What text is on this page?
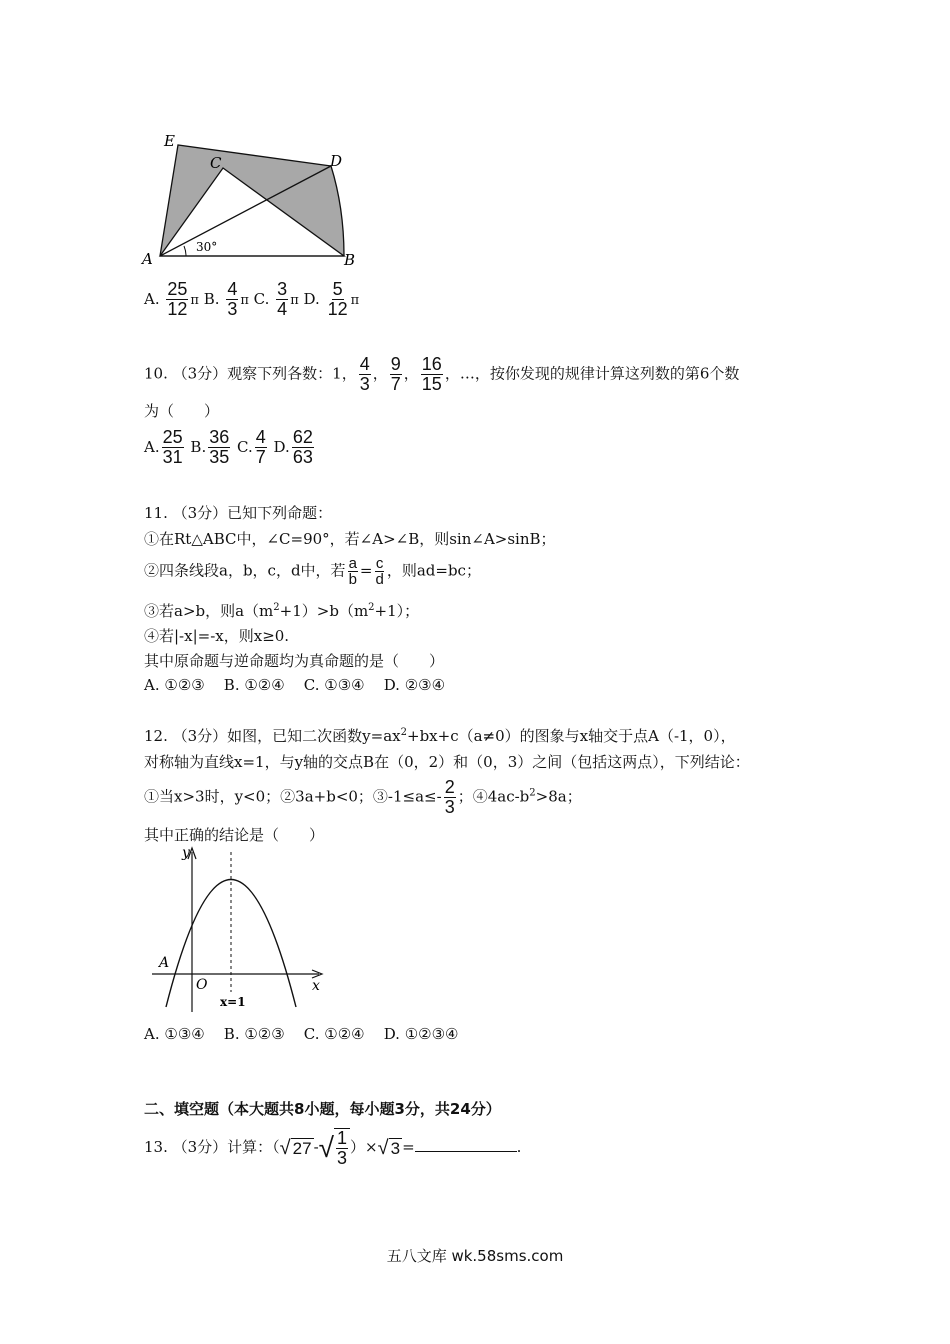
E
C	D
A	B
30°
A. $\frac{25}{12}$ π B. $\frac{4}{3}$ π C. $\frac{3}{4}$ π D. $\frac{5}{12}$ π
10. （3分）观察下列各数：1， $\frac{4}{3}$ ， $\frac{9}{7}$ ， $\frac{16}{15}$ ，…，按你发现的规律计算这列数的第6个数
为（　　）
A. $\frac{25}{31} B$. $\frac{36}{35} C$. $\frac{4}{7} D$. $\frac{62}{63}$
11. （3分）已知下列命题：
①在Rt△ABC中，∠C=90°，若∠A>∠B，则sin∠A>sinB；
②四条线段a，b，c，d中，若 $\frac{a}{b} = \frac{c}{d}$ ，则ad=bc；
③若a>b，则$a(m^2+1)>b(m^2+1)$；
④若|-x|=-x，则x≥0.
其中原命题与逆命题均为真命题的是（　　）
A. ①②③ B. ①②④ C. ①③④ D. ②③④
12. （3分）如图，已知二次函数$y=ax^2+bx+c(a\ne 0)$的图象与x轴交于点A（-1，0），
对称轴为直线x=1，与y轴的交点B在（0，2）和（0，3）之间（包括这两点），下列结论：
①当x>3时，y<0；②3a+b<0；③-1≤a≤- $\frac{2}{3}$ ；$④4ac-b^2>8a$；
其中正确的结论是（　　）
y
x
A
O
x=1
A. ①③④ B. ①②③ C. ①②④ D. ①②③④
二、填空题（本大题共8小题，每小题3分，共24分）
13. （3分）计算：（ √ 27 - √ $\frac{1}{3}$ ）× √ 3 =	.
五八文库 wk.58sms.com
